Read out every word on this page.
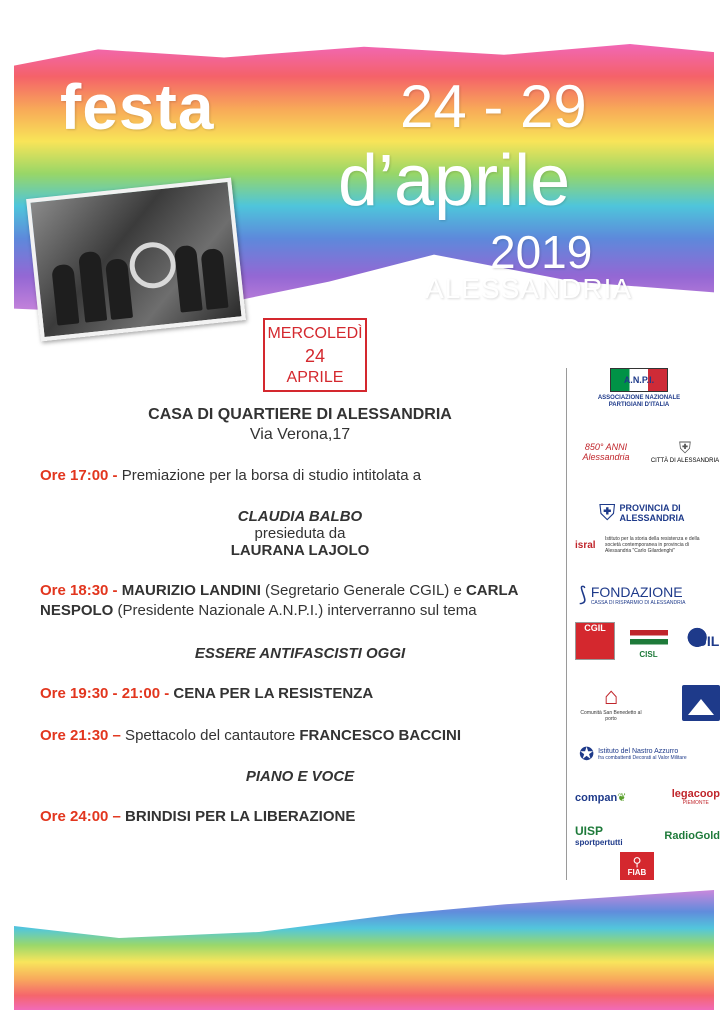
festa	24 - 29
d’aprile
2019
ALESSANDRIA
MERCOLEDÌ
24
APRILE
CASA DI QUARTIERE DI ALESSANDRIA
Via Verona,17
Ore 17:00 - Premiazione per la borsa di studio intitolata a
CLAUDIA BALBO
presieduta da
LAURANA LAJOLO
Ore 18:30 - MAURIZIO LANDINI (Segretario Generale CGIL) e CARLA
NESPOLO (Presidente Nazionale A.N.P.I.) interverranno sul tema
ESSERE ANTIFASCISTI OGGI
Ore 19:30 - 21:00 - CENA PER LA RESISTENZA
Ore 21:30 – Spettacolo del cantautore FRANCESCO BACCINI
PIANO E VOCE
Ore 24:00 – BRINDISI PER LA LIBERAZIONE
A.N.P.I.
ASSOCIAZIONE NAZIONALE PARTIGIANI D'ITALIA
850° ANNI Alessandria	⛨
CITTÀ DI ALESSANDRIA
⛨ PROVINCIA DI ALESSANDRIA
isral
Istituto per la storia della resistenza e della società contemporanea in provincia di Alessandria "Carlo Gilardenghi"
⟆ FONDAZIONE
CASSA DI RISPARMIO DI ALESSANDRIA
CGIL
CISL
UIL
⌂
Comunità San Benedetto al porto
✪ Istituto del Nastro Azzurro
fra combattenti Decorati al Valor Militare
compan❦	legacoop
PIEMONTE
UISP
sportpertutti
RadioGold
⚲
FIAB
